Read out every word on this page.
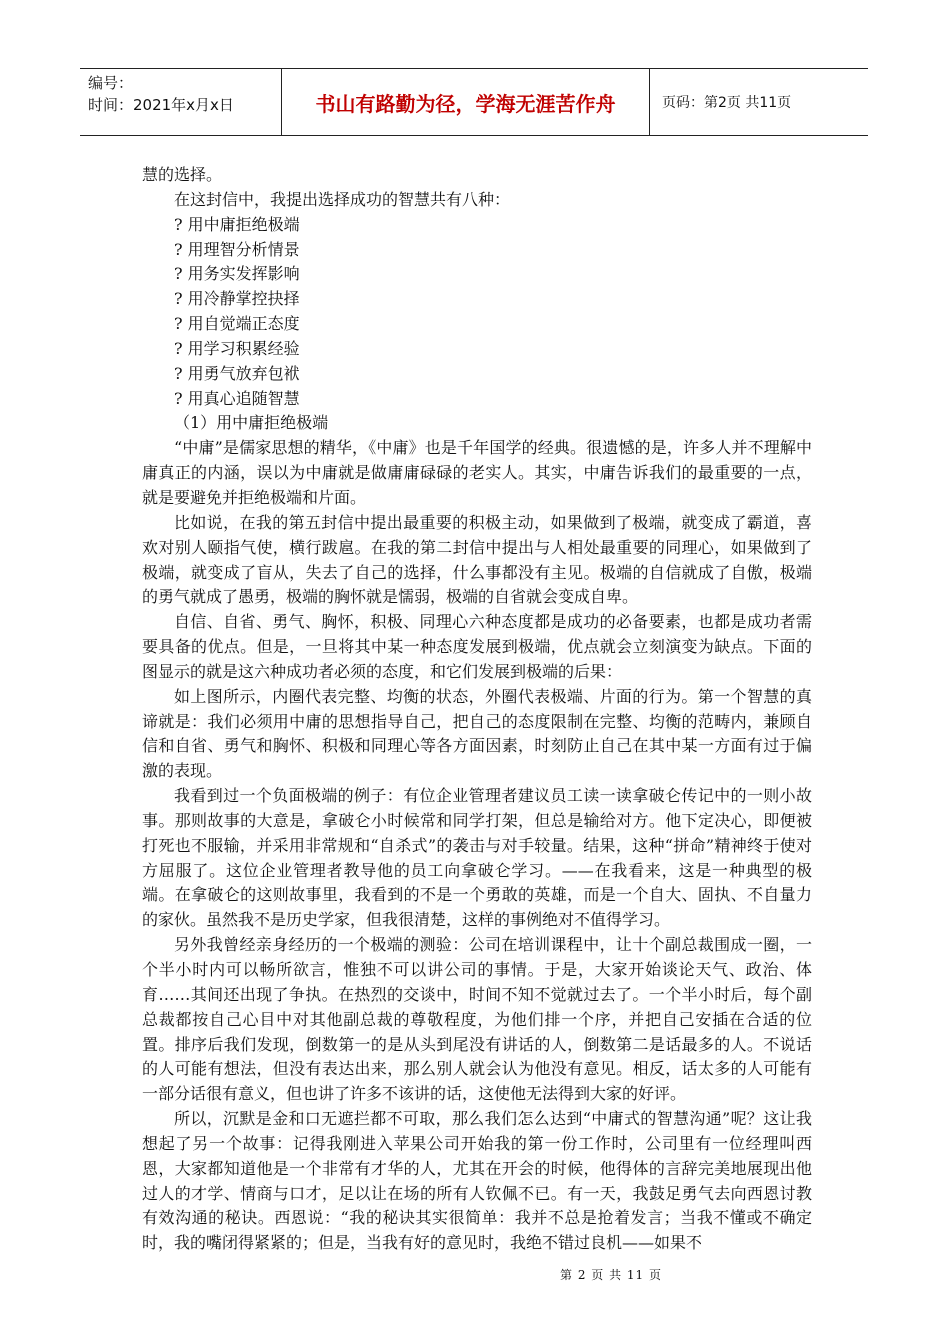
编号：
时间：2021年x月x日	书山有路勤为径，学海无涯苦作舟	页码：第2页 共11页

慧的选择。

在这封信中，我提出选择成功的智慧共有八种：

? 用中庸拒绝极端

? 用理智分析情景

? 用务实发挥影响

? 用冷静掌控抉择

? 用自觉端正态度

? 用学习积累经验

? 用勇气放弃包袱

? 用真心追随智慧

（1）用中庸拒绝极端

“中庸”是儒家思想的精华，《中庸》也是千年国学的经典。很遗憾的是，许多人并不理解中庸真正的内涵，误以为中庸就是做庸庸碌碌的老实人。其实，中庸告诉我们的最重要的一点，就是要避免并拒绝极端和片面。

比如说，在我的第五封信中提出最重要的积极主动，如果做到了极端，就变成了霸道，喜欢对别人颐指气使，横行跋扈。在我的第二封信中提出与人相处最重要的同理心，如果做到了极端，就变成了盲从，失去了自己的选择，什么事都没有主见。极端的自信就成了自傲，极端的勇气就成了愚勇，极端的胸怀就是懦弱，极端的自省就会变成自卑。

自信、自省、勇气、胸怀，积极、同理心六种态度都是成功的必备要素，也都是成功者需要具备的优点。但是，一旦将其中某一种态度发展到极端，优点就会立刻演变为缺点。下面的图显示的就是这六种成功者必须的态度，和它们发展到极端的后果：

如上图所示，内圈代表完整、均衡的状态，外圈代表极端、片面的行为。第一个智慧的真谛就是：我们必须用中庸的思想指导自己，把自己的态度限制在完整、均衡的范畴内，兼顾自信和自省、勇气和胸怀、积极和同理心等各方面因素，时刻防止自己在其中某一方面有过于偏激的表现。

我看到过一个负面极端的例子：有位企业管理者建议员工读一读拿破仑传记中的一则小故事。那则故事的大意是，拿破仑小时候常和同学打架，但总是输给对方。他下定决心，即便被打死也不服输，并采用非常规和“自杀式”的袭击与对手较量。结果，这种“拼命”精神终于使对方屈服了。这位企业管理者教导他的员工向拿破仑学习。——在我看来，这是一种典型的极端。在拿破仑的这则故事里，我看到的不是一个勇敢的英雄，而是一个自大、固执、不自量力的家伙。虽然我不是历史学家，但我很清楚，这样的事例绝对不值得学习。

另外我曾经亲身经历的一个极端的测验：公司在培训课程中，让十个副总裁围成一圈，一个半小时内可以畅所欲言，惟独不可以讲公司的事情。于是，大家开始谈论天气、政治、体育……其间还出现了争执。在热烈的交谈中，时间不知不觉就过去了。一个半小时后，每个副总裁都按自己心目中对其他副总裁的尊敬程度，为他们排一个序，并把自己安插在合适的位置。排序后我们发现，倒数第一的是从头到尾没有讲话的人，倒数第二是话最多的人。不说话的人可能有想法，但没有表达出来，那么别人就会认为他没有意见。相反，话太多的人可能有一部分话很有意义，但也讲了许多不该讲的话，这使他无法得到大家的好评。

所以，沉默是金和口无遮拦都不可取，那么我们怎么达到“中庸式的智慧沟通”呢？这让我想起了另一个故事：记得我刚进入苹果公司开始我的第一份工作时，公司里有一位经理叫西恩，大家都知道他是一个非常有才华的人，尤其在开会的时候，他得体的言辞完美地展现出他过人的才学、情商与口才，足以让在场的所有人钦佩不已。有一天，我鼓足勇气去向西恩讨教有效沟通的秘诀。西恩说：“我的秘诀其实很简单：我并不总是抢着发言；当我不懂或不确定时，我的嘴闭得紧紧的；但是，当我有好的意见时，我绝不错过良机——如果不

第 2 页 共 11 页
